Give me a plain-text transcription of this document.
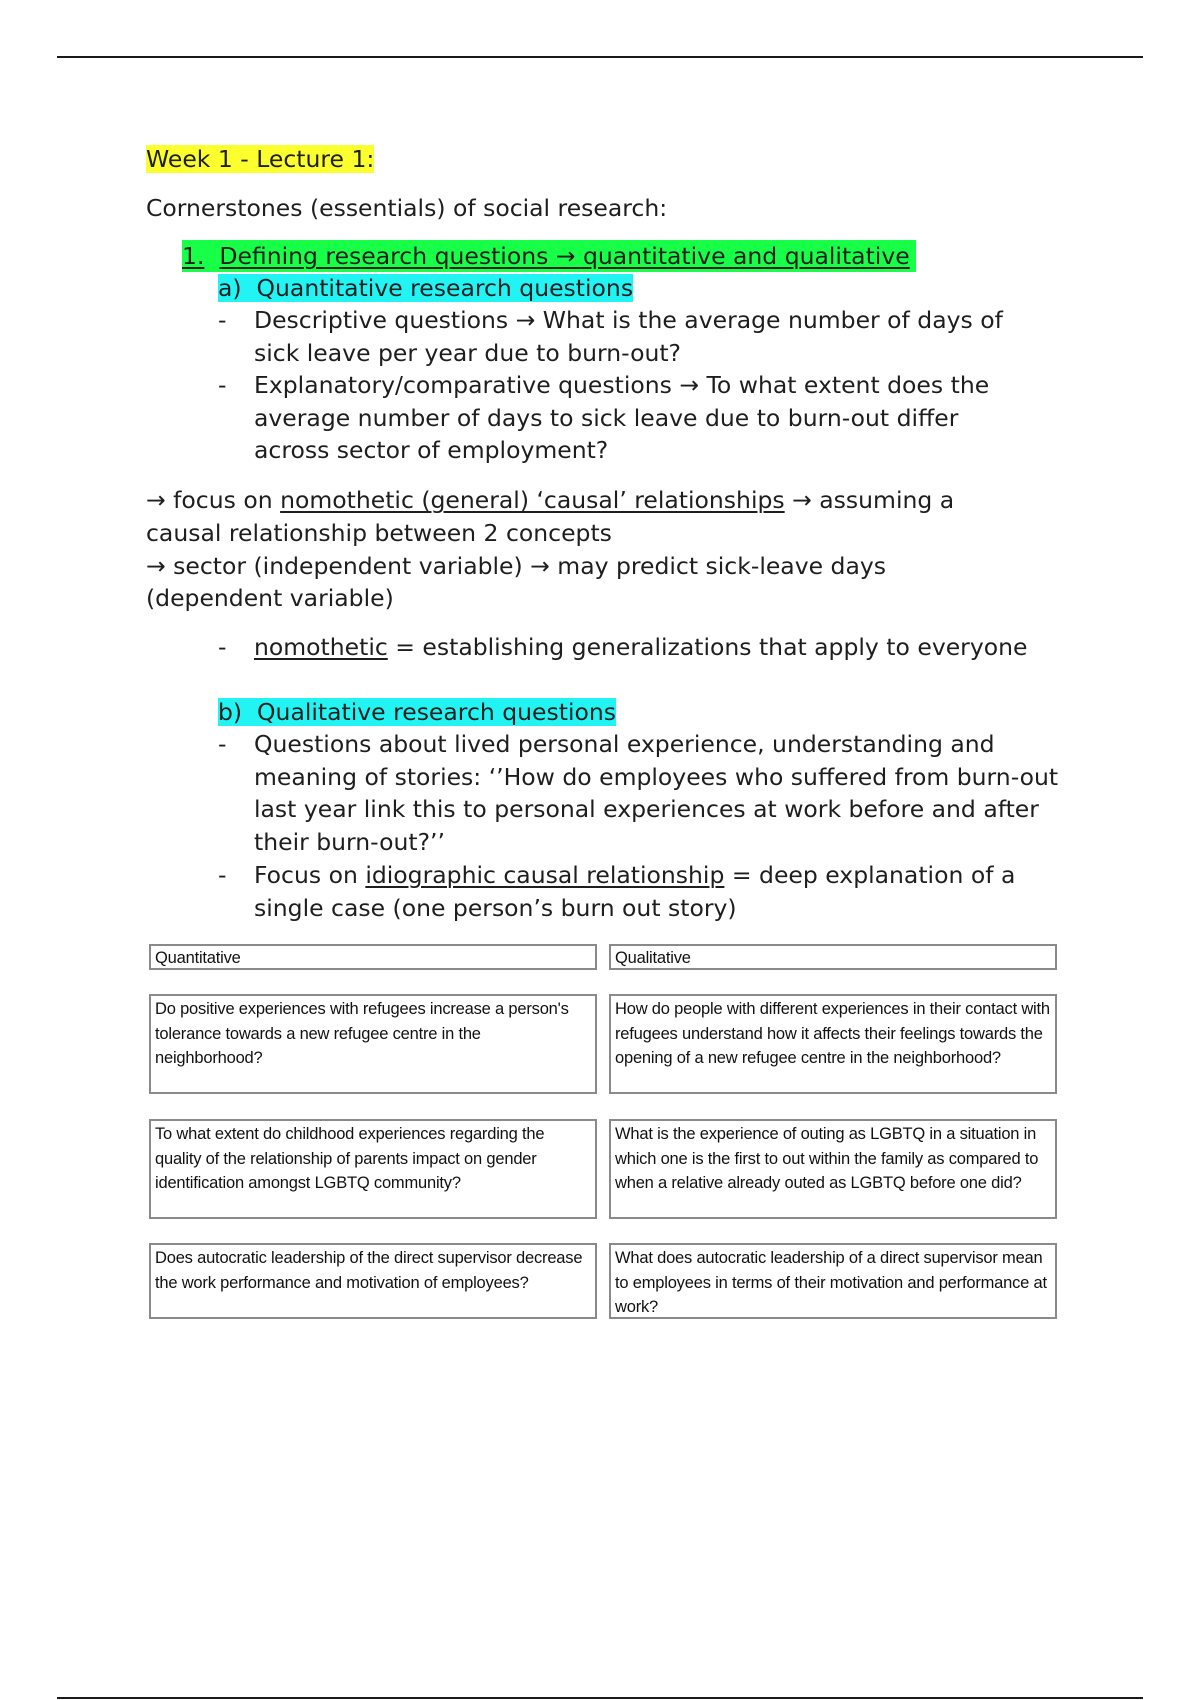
Week 1 - Lecture 1:
Cornerstones (essentials) of social research:
1. Defining research questions → quantitative and qualitative
a) Quantitative research questions
- Descriptive questions → What is the average number of days of sick leave per year due to burn-out?
- Explanatory/comparative questions → To what extent does the average number of days to sick leave due to burn-out differ across sector of employment?
→ focus on nomothetic (general) ‘causal’ relationships → assuming a
causal relationship between 2 concepts
→ sector (independent variable) → may predict sick-leave days
(dependent variable)
- nomothetic = establishing generalizations that apply to everyone
b) Qualitative research questions
- Questions about lived personal experience, understanding and meaning of stories: ‘’How do employees who suffered from burn-out last year link this to personal experiences at work before and after their burn-out?’’
- Focus on idiographic causal relationship = deep explanation of a single case (one person’s burn out story)
Quantitative	Qualitative
Do positive experiences with refugees increase a person's tolerance towards a new refugee centre in the neighborhood?
How do people with different experiences in their contact with refugees understand how it affects their feelings towards the opening of a new refugee centre in the neighborhood?
To what extent do childhood experiences regarding the quality of the relationship of parents impact on gender identification amongst LGBTQ community?
What is the experience of outing as LGBTQ in a situation in which one is the first to out within the family as compared to when a relative already outed as LGBTQ before one did?
Does autocratic leadership of the direct supervisor decrease the work performance and motivation of employees?
What does autocratic leadership of a direct supervisor mean to employees in terms of their motivation and performance at work?
